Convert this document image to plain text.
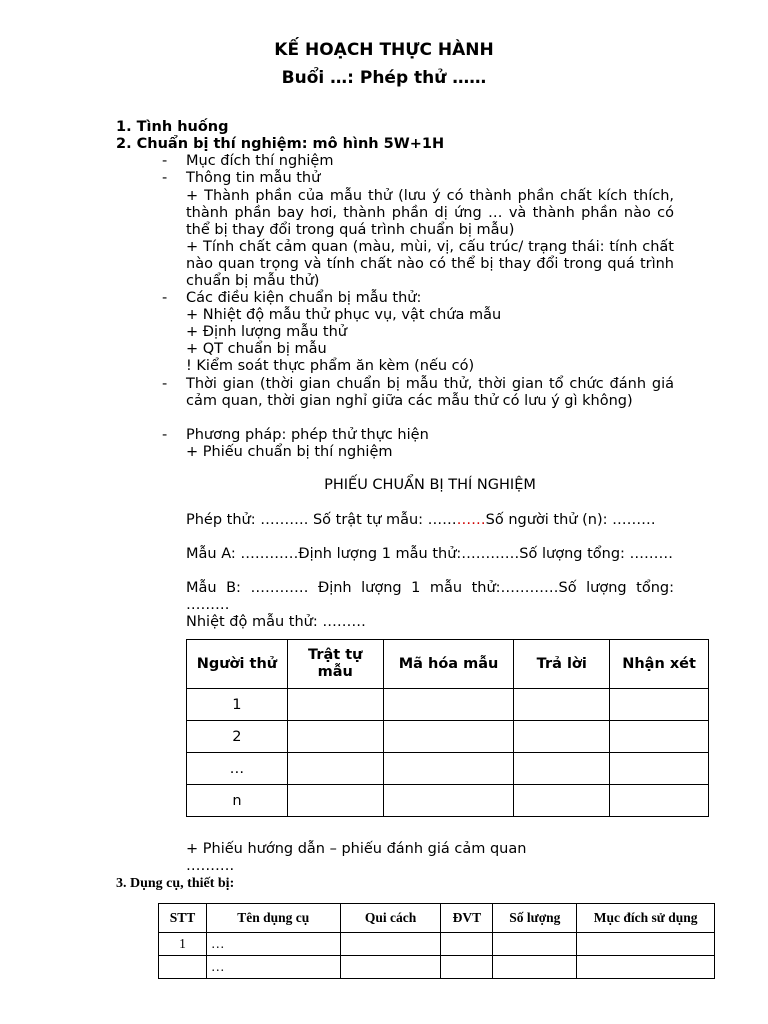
KẾ HOẠCH THỰC HÀNH
Buổi …: Phép thử ……
1. Tình huống
2. Chuẩn bị thí nghiệm: mô hình 5W+1H
- Mục đích thí nghiệm
- Thông tin mẫu thử
+ Thành phần của mẫu thử (lưu ý có thành phần chất kích thích, thành phần bay hơi, thành phần dị ứng … và thành phần nào có thể bị thay đổi trong quá trình chuẩn bị mẫu)
+ Tính chất cảm quan (màu, mùi, vị, cấu trúc/ trạng thái: tính chất nào quan trọng và tính chất nào có thể bị thay đổi trong quá trình chuẩn bị mẫu thử)
- Các điều kiện chuẩn bị mẫu thử:
+ Nhiệt độ mẫu thử phục vụ, vật chứa mẫu
+ Định lượng mẫu thử
+ QT chuẩn bị mẫu
! Kiểm soát thực phẩm ăn kèm (nếu có)
- Thời gian (thời gian chuẩn bị mẫu thử, thời gian tổ chức đánh giá cảm quan, thời gian nghỉ giữa các mẫu thử có lưu ý gì không)
- Phương pháp: phép thử thực hiện
+ Phiếu chuẩn bị thí nghiệm
PHIẾU CHUẨN BỊ THÍ NGHIỆM
Phép thử: ………. Số trật tự mẫu: …………Số người thử (n): ………
Mẫu A: …………Định lượng 1 mẫu thử:…………Số lượng tổng: ………
Mẫu B: ………… Định lượng 1 mẫu thử:…………Số lượng tổng: ………
Nhiệt độ mẫu thử: ………
Người thử	Trật tự mẫu	Mã hóa mẫu	Trả lời	Nhận xét
1				
2				
…				
n				
+ Phiếu hướng dẫn – phiếu đánh giá cảm quan ……….
3. Dụng cụ, thiết bị:
STT	Tên dụng cụ	Qui cách	ĐVT	Số lượng	Mục đích sử dụng
1	…				
	…				
